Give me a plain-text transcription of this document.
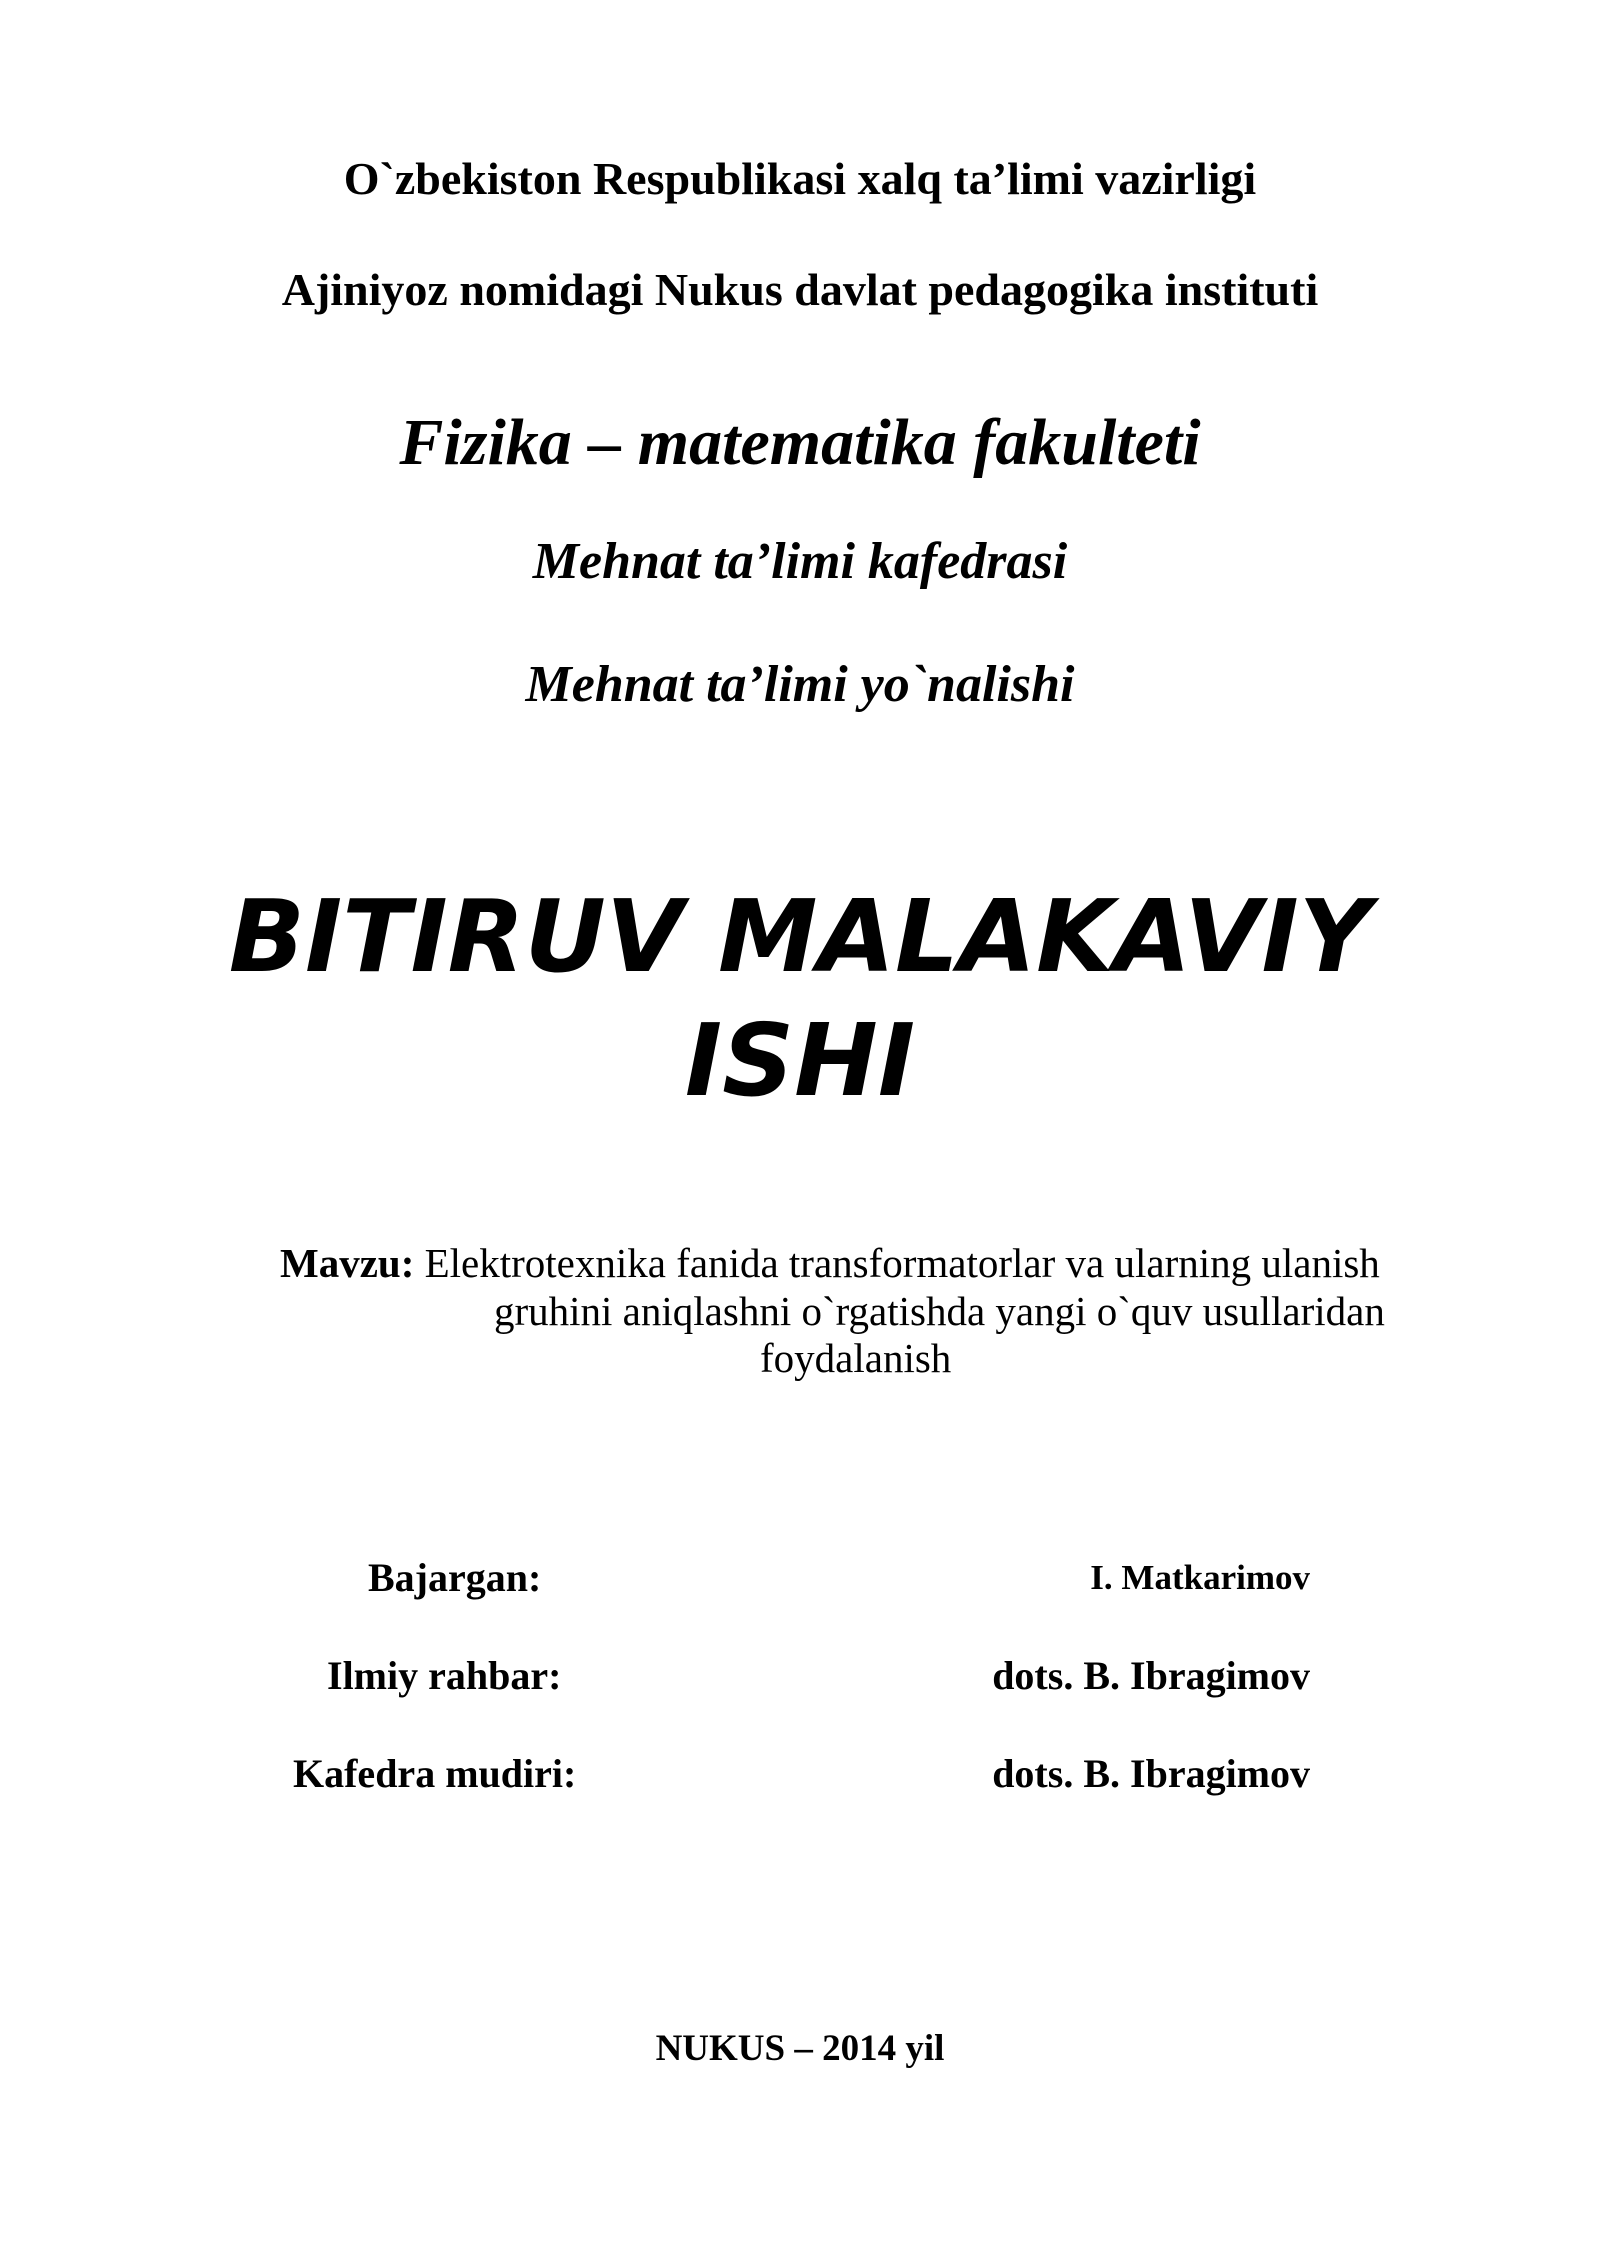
O`zbekiston Respublikasi xalq ta’limi vazirligi
Ajiniyoz nomidagi Nukus davlat pedagogika instituti
Fizika – matematika fakulteti
Mehnat ta’limi kafedrasi
Mehnat ta’limi yo`nalishi
BITIRUV MALAKAVIY
ISHI
Mavzu: Elektrotexnika fanida transformatorlar va ularning ulanish
gruhini aniqlashni o`rgatishda yangi o`quv usullaridan
foydalanish
Bajargan:	I. Matkarimov
Ilmiy rahbar:	dots. B. Ibragimov
Kafedra mudiri:	dots. B. Ibragimov
NUKUS – 2014 yil
